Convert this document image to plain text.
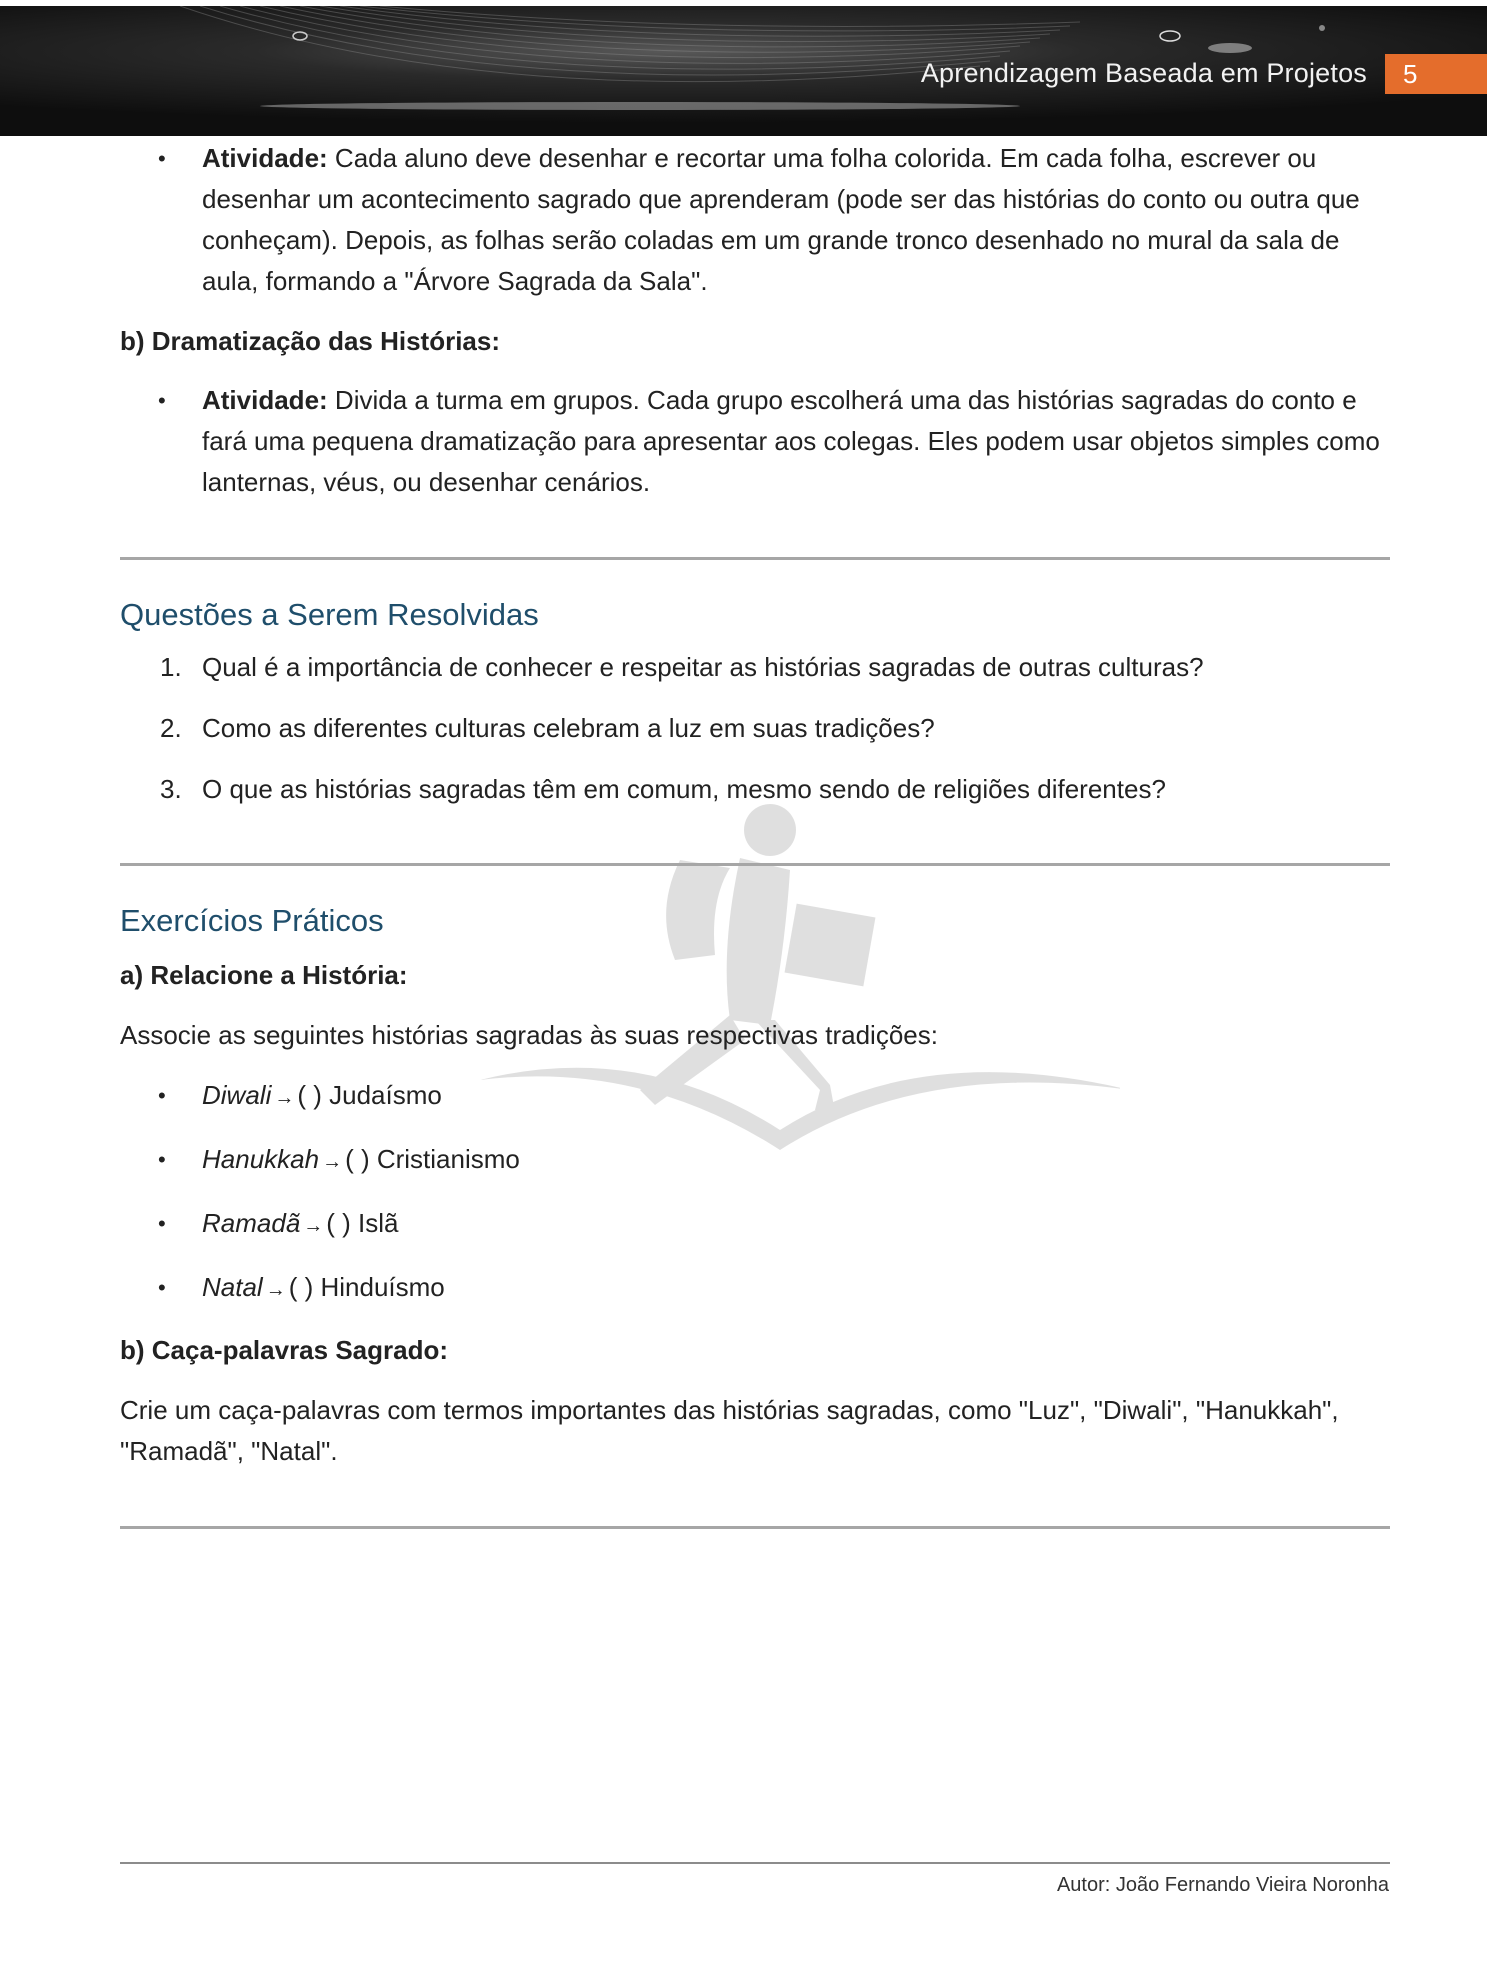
Aprendizagem Baseada em Projetos	5
• Atividade: Cada aluno deve desenhar e recortar uma folha colorida. Em cada folha, escrever ou desenhar um acontecimento sagrado que aprenderam (pode ser das histórias do conto ou outra que conheçam). Depois, as folhas serão coladas em um grande tronco desenhado no mural da sala de aula, formando a "Árvore Sagrada da Sala".
b) Dramatização das Histórias:
• Atividade: Divida a turma em grupos. Cada grupo escolherá uma das histórias sagradas do conto e fará uma pequena dramatização para apresentar aos colegas. Eles podem usar objetos simples como lanternas, véus, ou desenhar cenários.
Questões a Serem Resolvidas
1. Qual é a importância de conhecer e respeitar as histórias sagradas de outras culturas?
2. Como as diferentes culturas celebram a luz em suas tradições?
3. O que as histórias sagradas têm em comum, mesmo sendo de religiões diferentes?
Exercícios Práticos
a) Relacione a História:
Associe as seguintes histórias sagradas às suas respectivas tradições:
• Diwali → ( ) Judaísmo
• Hanukkah → ( ) Cristianismo
• Ramadã → ( ) Islã
• Natal → ( ) Hinduísmo
b) Caça-palavras Sagrado:
Crie um caça-palavras com termos importantes das histórias sagradas, como "Luz", "Diwali", "Hanukkah", "Ramadã", "Natal".
Autor: João Fernando Vieira Noronha
